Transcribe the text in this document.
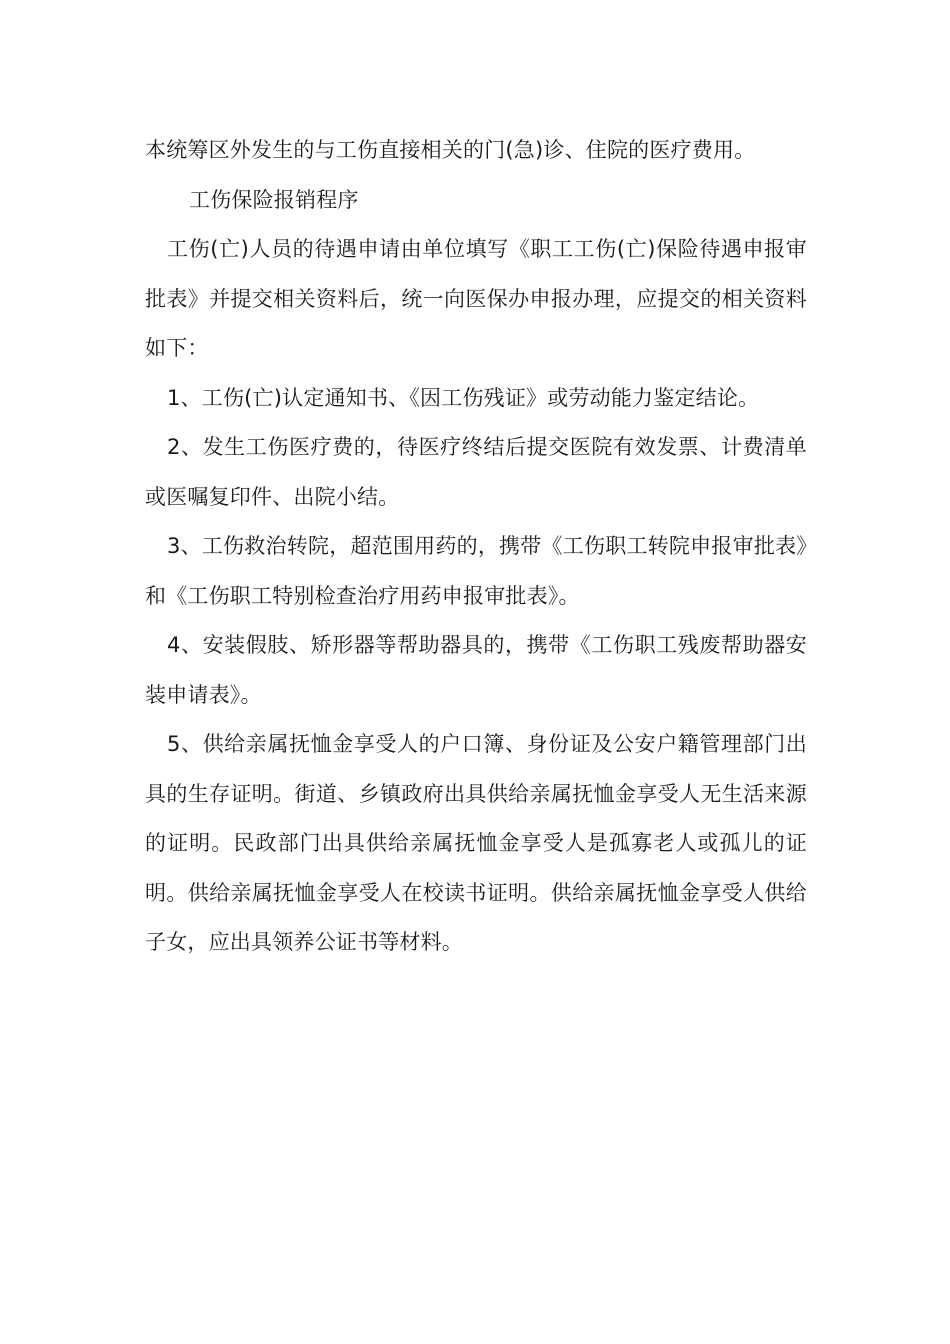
本统筹区外发生的与工伤直接相关的门(急)诊、住院的医疗费用。

工伤保险报销程序

工伤(亡)人员的待遇申请由单位填写《职工工伤(亡)保险待遇申报审批表》并提交相关资料后，统一向医保办申报办理，应提交的相关资料如下：

1、工伤(亡)认定通知书、《因工伤残证》或劳动能力鉴定结论。

2、发生工伤医疗费的，待医疗终结后提交医院有效发票、计费清单或医嘱复印件、出院小结。

3、工伤救治转院，超范围用药的，携带《工伤职工转院申报审批表》和《工伤职工特别检查治疗用药申报审批表》。

4、安装假肢、矫形器等帮助器具的，携带《工伤职工残废帮助器安装申请表》。

5、供给亲属抚恤金享受人的户口簿、身份证及公安户籍管理部门出具的生存证明。街道、乡镇政府出具供给亲属抚恤金享受人无生活来源的证明。民政部门出具供给亲属抚恤金享受人是孤寡老人或孤儿的证明。供给亲属抚恤金享受人在校读书证明。供给亲属抚恤金享受人供给子女，应出具领养公证书等材料。
